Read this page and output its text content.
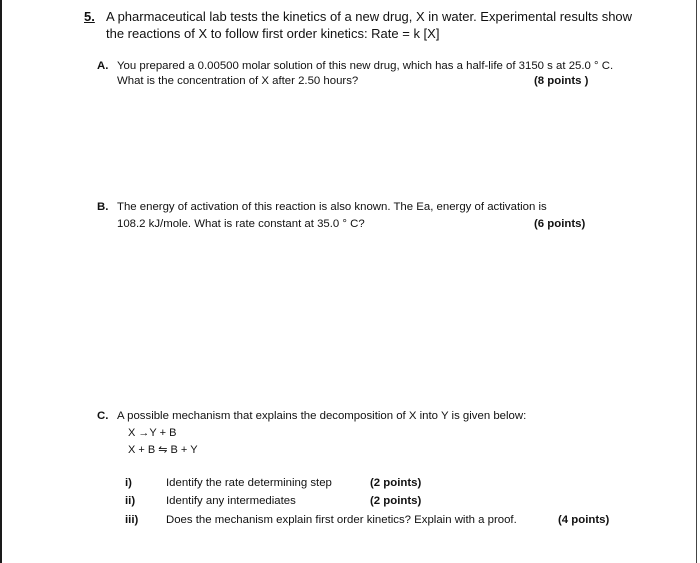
5. A pharmaceutical lab tests the kinetics of a new drug, X in water. Experimental results show
the reactions of X to follow first order kinetics: Rate = k [X]
A. You prepared a 0.00500 molar solution of this new drug, which has a half-life of 3150 s at 25.0 ° C.
What is the concentration of X after 2.50 hours?	(8 points )
B. The energy of activation of this reaction is also known. The Ea, energy of activation is
108.2 kJ/mole. What is rate constant at 35.0 ° C?	(6 points)
C. A possible mechanism that explains the decomposition of X into Y is given below:
X →Y + B
X + B ⇋ B + Y
i)	Identify the rate determining step	(2 points)
ii)	Identify any intermediates	(2 points)
iii) Does the mechanism explain first order kinetics? Explain with a proof.	(4 points)
